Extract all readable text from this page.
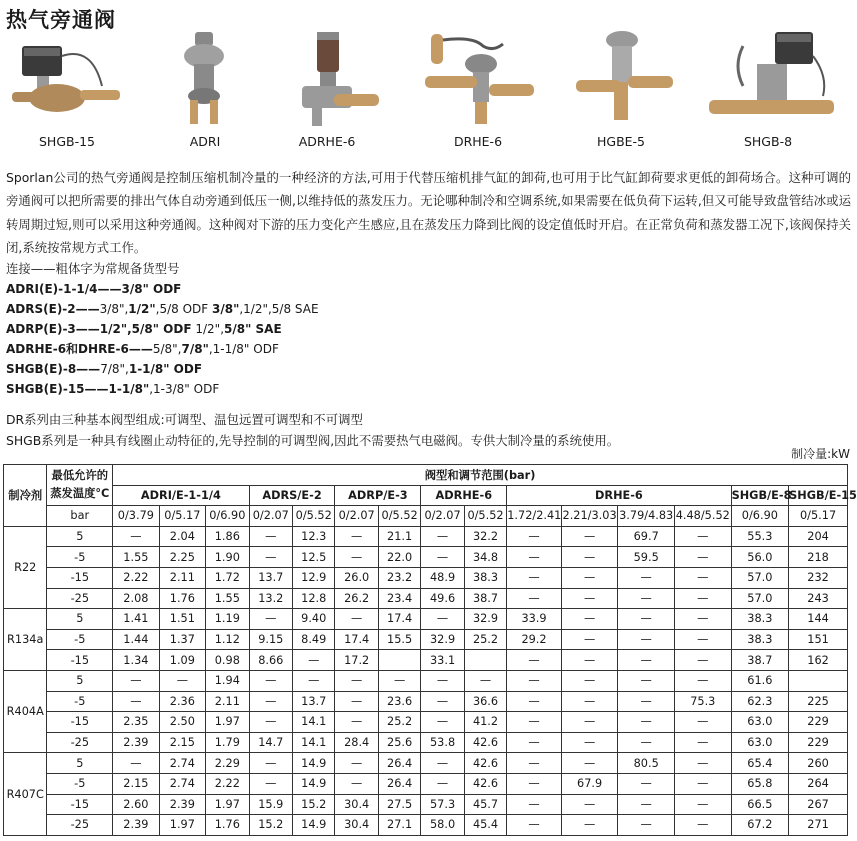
热气旁通阀
SHGB-15	ADRI	ADRHE-6	DRHE-6	HGBE-5	SHGB-8
Sporlan公司的热气旁通阀是控制压缩机制冷量的一种经济的方法,可用于代替压缩机排气缸的卸荷,也可用于比气缸卸荷要求更低的卸荷场合。这种可调的旁通阀可以把所需要的排出气体自动旁通到低压一侧,以维持低的蒸发压力。无论哪种制冷和空调系统,如果需要在低负荷下运转,但又可能导致盘管结冰或运转周期过短,则可以采用这种旁通阀。这种阀对下游的压力变化产生感应,且在蒸发压力降到比阀的设定值低时开启。在正常负荷和蒸发器工况下,该阀保持关闭,系统按常规方式工作。
连接——粗体字为常规备货型号
ADRI(E)-1-1/4——3/8" ODF
ADRS(E)-2——3/8",1/2",5/8 ODF 3/8",1/2",5/8 SAE
ADRP(E)-3——1/2",5/8" ODF 1/2",5/8" SAE
ADRHE-6和DHRE-6——5/8",7/8",1-1/8" ODF
SHGB(E)-8——7/8",1-1/8" ODF
SHGB(E)-15——1-1/8",1-3/8" ODF
DR系列由三种基本阀型组成:可调型、温包远置可调型和不可调型
SHGB系列是一种具有线圈止动特征的,先导控制的可调型阀,因此不需要热气电磁阀。专供大制冷量的系统使用。
制冷量:kW
制冷剂	最低允许的蒸发温度°C	阀型和调节范围(bar)														
		ADRI/E-1-1/4			ADRS/E-2		ADRP/E-3		ADRHE-6		DRHE-6				SHGB/E-8	SHGB/E-15
	bar	0/3.79	0/5.17	0/6.90	0/2.07	0/5.52	0/2.07	0/5.52	0/2.07	0/5.52	1.72/2.41	2.21/3.03	3.79/4.83	4.48/5.52	0/6.90	0/5.17
R22	5	—	2.04	1.86	—	12.3	—	21.1	—	32.2	—	—	69.7	—	55.3	204
	-5	1.55	2.25	1.90	—	12.5	—	22.0	—	34.8	—	—	59.5	—	56.0	218
	-15	2.22	2.11	1.72	13.7	12.9	26.0	23.2	48.9	38.3	—	—	—	—	57.0	232
	-25	2.08	1.76	1.55	13.2	12.8	26.2	23.4	49.6	38.7	—	—	—	—	57.0	243
R134a	5	1.41	1.51	1.19	—	9.40	—	17.4	—	32.9	33.9	—	—	—	38.3	144
	-5	1.44	1.37	1.12	9.15	8.49	17.4	15.5	32.9	25.2	29.2	—	—	—	38.3	151
	-15	1.34	1.09	0.98	8.66	—	17.2		33.1		—	—	—	—	38.7	162
R404A	5	—	—	1.94	—	—	—	—	—	—	—	—	—	—	61.6	
	-5	—	2.36	2.11	—	13.7	—	23.6	—	36.6	—	—	—	75.3	62.3	225
	-15	2.35	2.50	1.97	—	14.1	—	25.2	—	41.2	—	—	—	—	63.0	229
	-25	2.39	2.15	1.79	14.7	14.1	28.4	25.6	53.8	42.6	—	—	—	—	63.0	229
R407C	5	—	2.74	2.29	—	14.9	—	26.4	—	42.6	—	—	80.5	—	65.4	260
	-5	2.15	2.74	2.22	—	14.9	—	26.4	—	42.6	—	67.9	—	—	65.8	264
	-15	2.60	2.39	1.97	15.9	15.2	30.4	27.5	57.3	45.7	—	—	—	—	66.5	267
	-25	2.39	1.97	1.76	15.2	14.9	30.4	27.1	58.0	45.4	—	—	—	—	67.2	271
